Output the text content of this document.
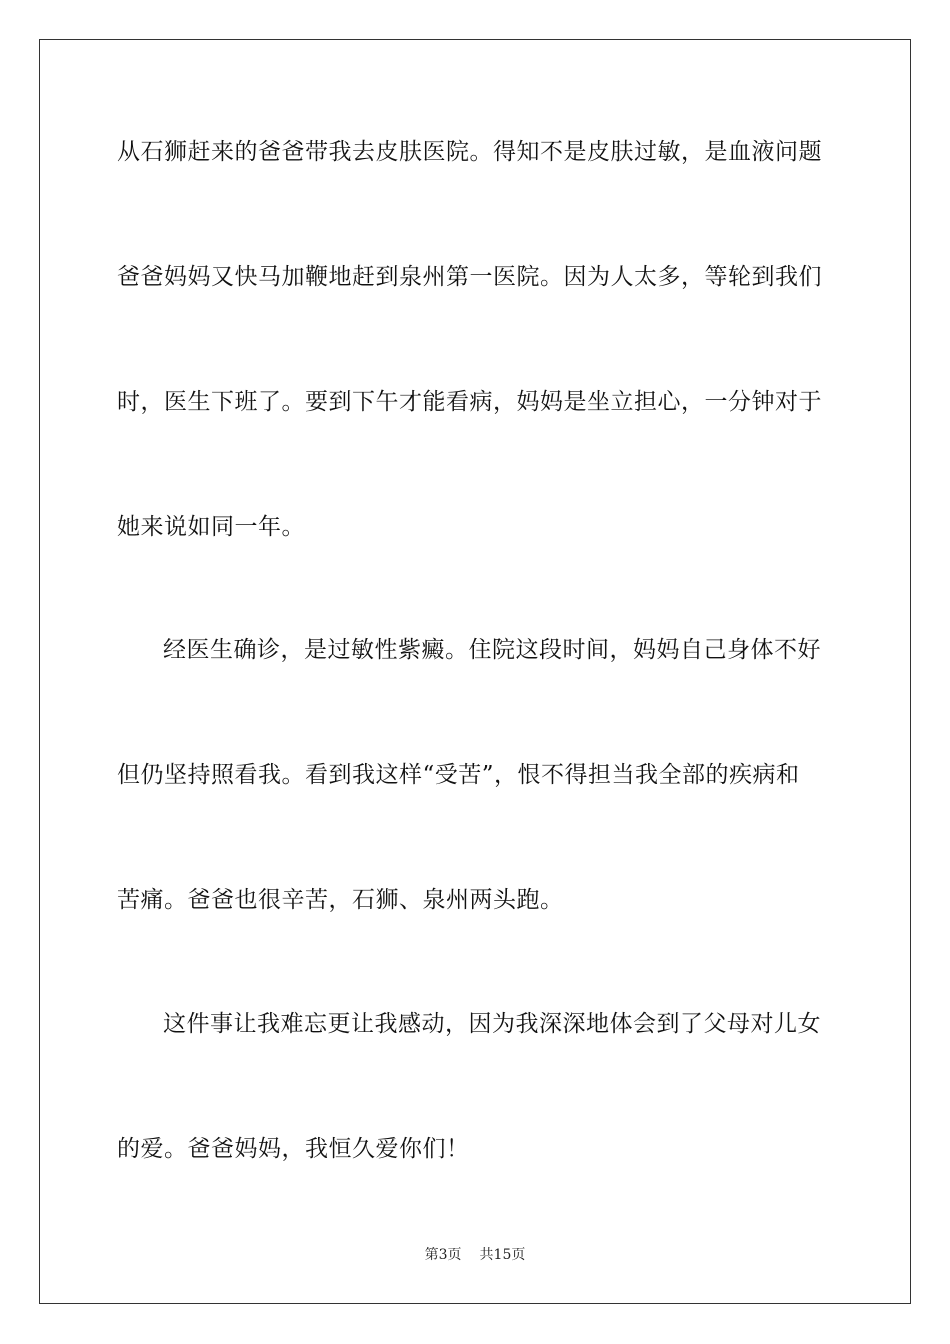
从石狮赶来的爸爸带我去皮肤医院。得知不是皮肤过敏，是血液问题
爸爸妈妈又快马加鞭地赶到泉州第一医院。因为人太多，等轮到我们
时，医生下班了。要到下午才能看病，妈妈是坐立担心，一分钟对于
她来说如同一年。
经医生确诊，是过敏性紫癜。住院这段时间，妈妈自己身体不好
但仍坚持照看我。看到我这样“受苦”，恨不得担当我全部的疾病和
苦痛。爸爸也很辛苦，石狮、泉州两头跑。
这件事让我难忘更让我感动，因为我深深地体会到了父母对儿女
的爱。爸爸妈妈，我恒久爱你们！
第3页 共15页
